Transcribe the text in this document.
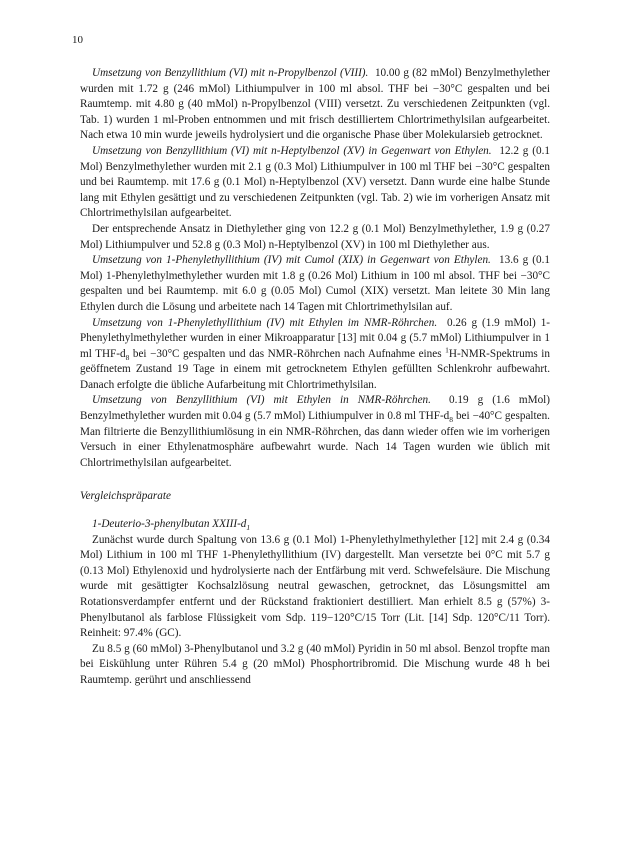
10

Umsetzung von Benzyllithium (VI) mit n-Propylbenzol (VIII). 10.00 g (82 mMol) Benzylmethylether wurden mit 1.72 g (246 mMol) Lithiumpulver in 100 ml absol. THF bei −30°C gespalten und bei Raumtemp. mit 4.80 g (40 mMol) n-Propylbenzol (VIII) versetzt. Zu verschiedenen Zeitpunkten (vgl. Tab. 1) wurden 1 ml-Proben entnommen und mit frisch destilliertem Chlortrimethylsilan aufgearbeitet. Nach etwa 10 min wurde jeweils hydrolysiert und die organische Phase über Molekularsieb getrocknet.

Umsetzung von Benzyllithium (VI) mit n-Heptylbenzol (XV) in Gegenwart von Ethylen. 12.2 g (0.1 Mol) Benzylmethylether wurden mit 2.1 g (0.3 Mol) Lithiumpulver in 100 ml THF bei −30°C gespalten und bei Raumtemp. mit 17.6 g (0.1 Mol) n-Heptylbenzol (XV) versetzt. Dann wurde eine halbe Stunde lang mit Ethylen gesättigt und zu verschiedenen Zeitpunkten (vgl. Tab. 2) wie im vorherigen Ansatz mit Chlortrimethylsilan aufgearbeitet.

Der entsprechende Ansatz in Diethylether ging von 12.2 g (0.1 Mol) Benzylmethylether, 1.9 g (0.27 Mol) Lithiumpulver und 52.8 g (0.3 Mol) n-Heptylbenzol (XV) in 100 ml Diethylether aus.

Umsetzung von 1-Phenylethyllithium (IV) mit Cumol (XIX) in Gegenwart von Ethylen. 13.6 g (0.1 Mol) 1-Phenylethylmethylether wurden mit 1.8 g (0.26 Mol) Lithium in 100 ml absol. THF bei −30°C gespalten und bei Raumtemp. mit 6.0 g (0.05 Mol) Cumol (XIX) versetzt. Man leitete 30 Min lang Ethylen durch die Lösung und arbeitete nach 14 Tagen mit Chlortrimethylsilan auf.

Umsetzung von 1-Phenylethyllithium (IV) mit Ethylen im NMR-Röhrchen. 0.26 g (1.9 mMol) 1-Phenylethylmethylether wurden in einer Mikroapparatur [13] mit 0.04 g (5.7 mMol) Lithiumpulver in 1 ml THF-$d_8$ bei −30°C gespalten und das NMR-Röhrchen nach Aufnahme eines $^1$H-NMR-Spektrums in geöffnetem Zustand 19 Tage in einem mit getrocknetem Ethylen gefüllten Schlenkrohr aufbewahrt. Danach erfolgte die übliche Aufarbeitung mit Chlortrimethylsilan.

Umsetzung von Benzyllithium (VI) mit Ethylen in NMR-Röhrchen. 0.19 g (1.6 mMol) Benzylmethylether wurden mit 0.04 g (5.7 mMol) Lithiumpulver in 0.8 ml THF-$d_8$ bei −40°C gespalten. Man filtrierte die Benzyllithiumlösung in ein NMR-Röhrchen, das dann wieder offen wie im vorherigen Versuch in einer Ethylenatmosphäre aufbewahrt wurde. Nach 14 Tagen wurden wie üblich mit Chlortrimethylsilan aufgearbeitet.

Vergleichspräparate

1-Deuterio-3-phenylbutan XXIII-$d_1$

Zunächst wurde durch Spaltung von 13.6 g (0.1 Mol) 1-Phenylethylmethylether [12] mit 2.4 g (0.34 Mol) Lithium in 100 ml THF 1-Phenylethyllithium (IV) dargestellt. Man versetzte bei 0°C mit 5.7 g (0.13 Mol) Ethylenoxid und hydrolysierte nach der Entfärbung mit verd. Schwefelsäure. Die Mischung wurde mit gesättigter Kochsalzlösung neutral gewaschen, getrocknet, das Lösungsmittel am Rotationsverdampfer entfernt und der Rückstand fraktioniert destilliert. Man erhielt 8.5 g (57%) 3-Phenylbutanol als farblose Flüssigkeit vom Sdp. 119−120°C/15 Torr (Lit. [14] Sdp. 120°C/11 Torr). Reinheit: 97.4% (GC).

Zu 8.5 g (60 mMol) 3-Phenylbutanol und 3.2 g (40 mMol) Pyridin in 50 ml absol. Benzol tropfte man bei Eiskühlung unter Rühren 5.4 g (20 mMol) Phosphortribromid. Die Mischung wurde 48 h bei Raumtemp. gerührt und anschliessend
